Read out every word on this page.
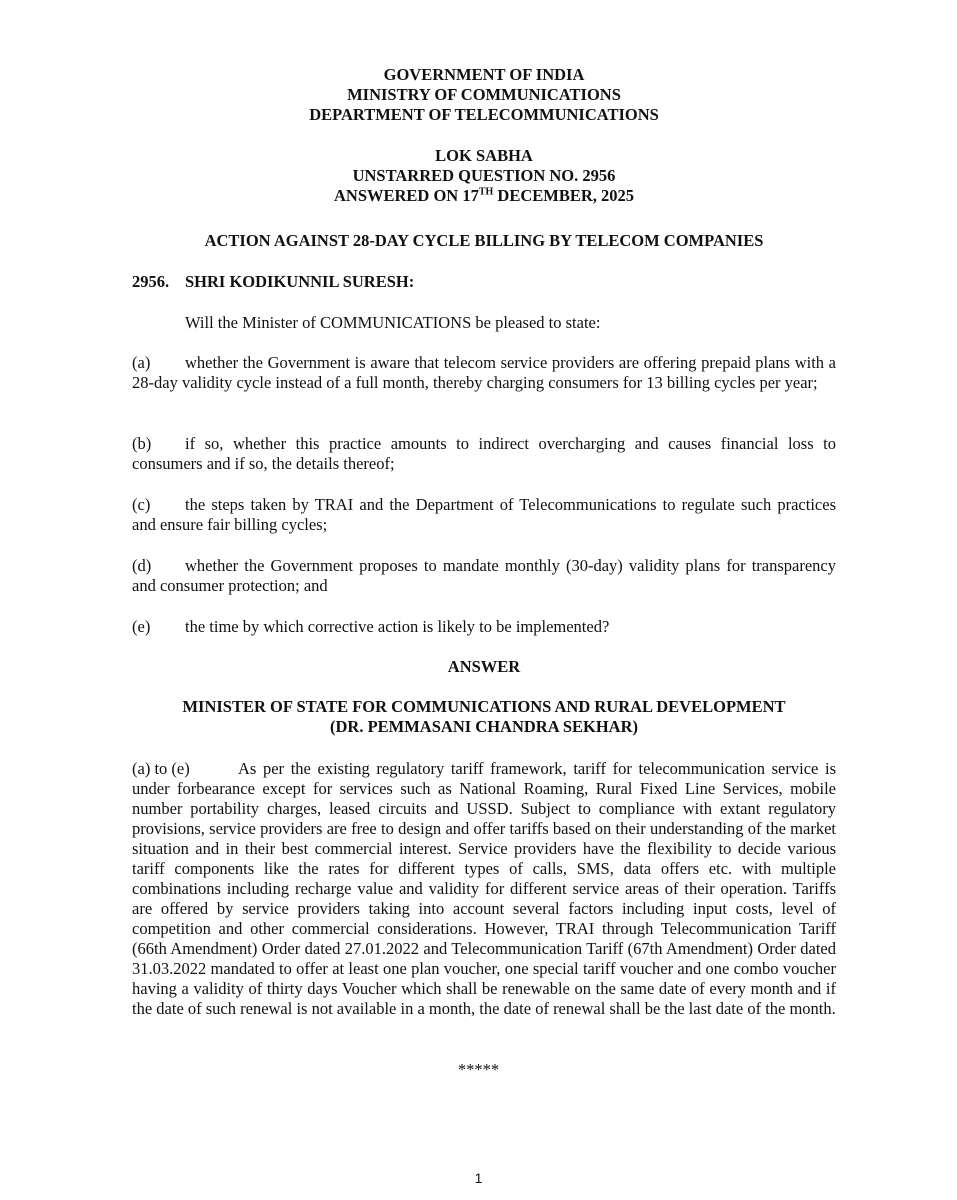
GOVERNMENT OF INDIA
MINISTRY OF COMMUNICATIONS
DEPARTMENT OF TELECOMMUNICATIONS
LOK SABHA
UNSTARRED QUESTION NO. 2956
ANSWERED ON 17TH DECEMBER, 2025
ACTION AGAINST 28-DAY CYCLE BILLING BY TELECOM COMPANIES
2956. SHRI KODIKUNNIL SURESH:
Will the Minister of COMMUNICATIONS be pleased to state:
(a) whether the Government is aware that telecom service providers are offering prepaid plans with a 28-day validity cycle instead of a full month, thereby charging consumers for 13 billing cycles per year;
(b) if so, whether this practice amounts to indirect overcharging and causes financial loss to consumers and if so, the details thereof;
(c) the steps taken by TRAI and the Department of Telecommunications to regulate such practices and ensure fair billing cycles;
(d) whether the Government proposes to mandate monthly (30-day) validity plans for transparency and consumer protection; and
(e) the time by which corrective action is likely to be implemented?
ANSWER
MINISTER OF STATE FOR COMMUNICATIONS AND RURAL DEVELOPMENT
(DR. PEMMASANI CHANDRA SEKHAR)
(a) to (e)	As per the existing regulatory tariff framework, tariff for telecommunication service is under forbearance except for services such as National Roaming, Rural Fixed Line Services, mobile number portability charges, leased circuits and USSD. Subject to compliance with extant regulatory provisions, service providers are free to design and offer tariffs based on their understanding of the market situation and in their best commercial interest. Service providers have the flexibility to decide various tariff components like the rates for different types of calls, SMS, data offers etc. with multiple combinations including recharge value and validity for different service areas of their operation. Tariffs are offered by service providers taking into account several factors including input costs, level of competition and other commercial considerations. However, TRAI through Telecommunication Tariff (66th Amendment) Order dated 27.01.2022 and Telecommunication Tariff (67th Amendment) Order dated 31.03.2022 mandated to offer at least one plan voucher, one special tariff voucher and one combo voucher having a validity of thirty days Voucher which shall be renewable on the same date of every month and if the date of such renewal is not available in a month, the date of renewal shall be the last date of the month.
*****
1
